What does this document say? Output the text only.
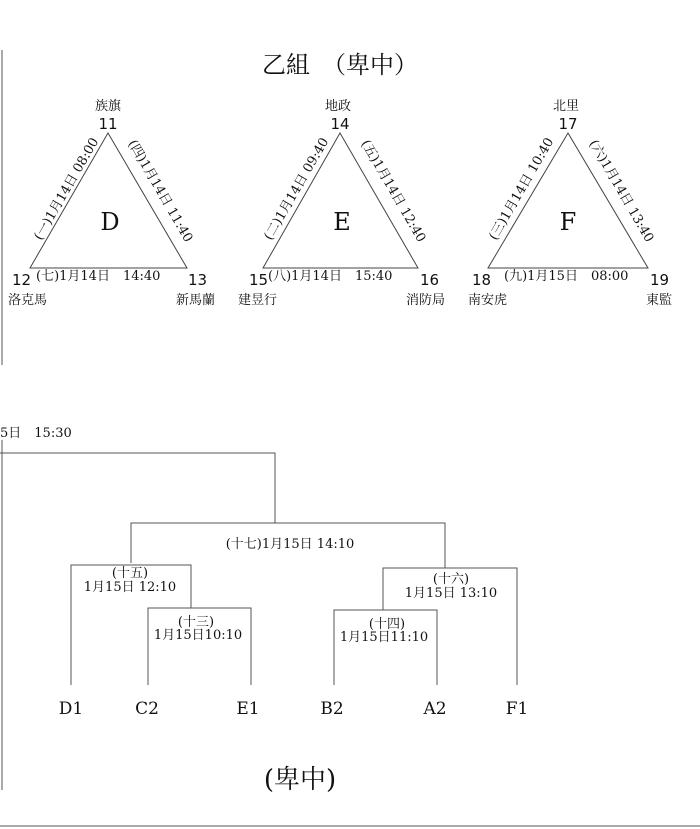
乙組　（卑中）
族旗
11
D
(一)1月14日 08:00 (四)1月14日 11:40
(七)1月14日　14:40
12	13
洛克馬	新馬蘭
地政
14
E
(二)1月14日 09:40 (五)1月14日 12:40
(八)1月14日　15:40
15	16
建昱行	消防局
北里
17
F
(三)1月14日 10:40 (六)1月14日 13:40
(九)1月15日　08:00
18	19
南安虎	東監
5日　15:30
(十七)1月15日 14:10
(十五)
1月15日 12:10
(十三)
1月15日10:10
(十六)
1月15日 13:10
(十四)
1月15日11:10
D1	C2	E1	B2	A2	F1
(卑中)
